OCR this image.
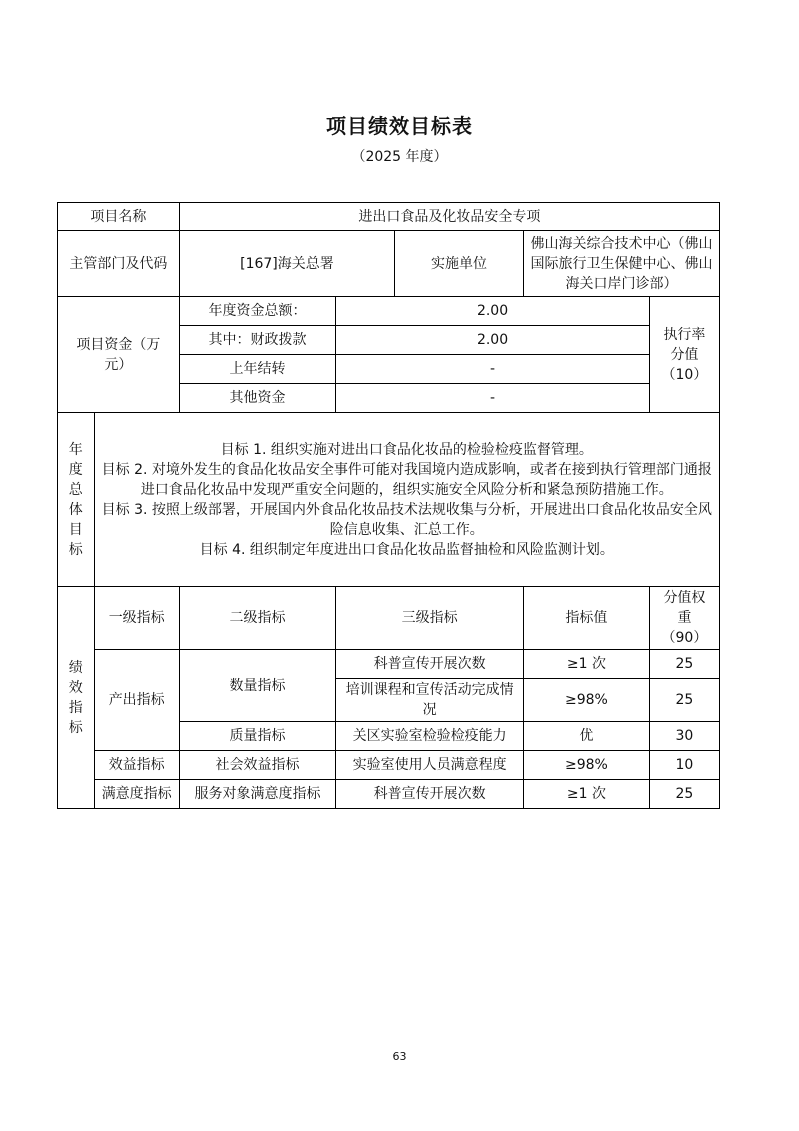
项目绩效目标表
（2025 年度）
项目名称		进出口食品及化妆品安全专项				
主管部门及代码		[167]海关总署		实施单位	佛山海关综合技术中心（佛山国际旅行卫生保健中心、佛山海关口岸门诊部）	

项目资金（万元）		年度资金总额：	2.00			执行率分值（10）

		其中：财政拨款	2.00			
		上年结转	-			
		其他资金	-			

年度总体目标	目标 1. 组织实施对进出口食品化妆品的检验检疫监督管理。
目标 2. 对境外发生的食品化妆品安全事件可能对我国境内造成影响，或者在接到执行管理部门通报进口食品化妆品中发现严重安全问题的，组织实施安全风险分析和紧急预防措施工作。
目标 3. 按照上级部署，开展国内外食品化妆品技术法规收集与分析，开展进出口食品化妆品安全风险信息收集、汇总工作。
目标 4. 组织制定年度进出口食品化妆品监督抽检和风险监测计划。					

绩效指标	一级指标	二级指标	三级指标		指标值	分值权重（90）

	产出指标	数量指标	科普宣传开展次数		≥1 次	25
			培训课程和宣传活动完成情况		≥98%	25
		质量指标	关区实验室检验检疫能力		优	30
	效益指标	社会效益指标	实验室使用人员满意程度		≥98%	10
	满意度指标	服务对象满意度指标	科普宣传开展次数		≥1 次	25
63
